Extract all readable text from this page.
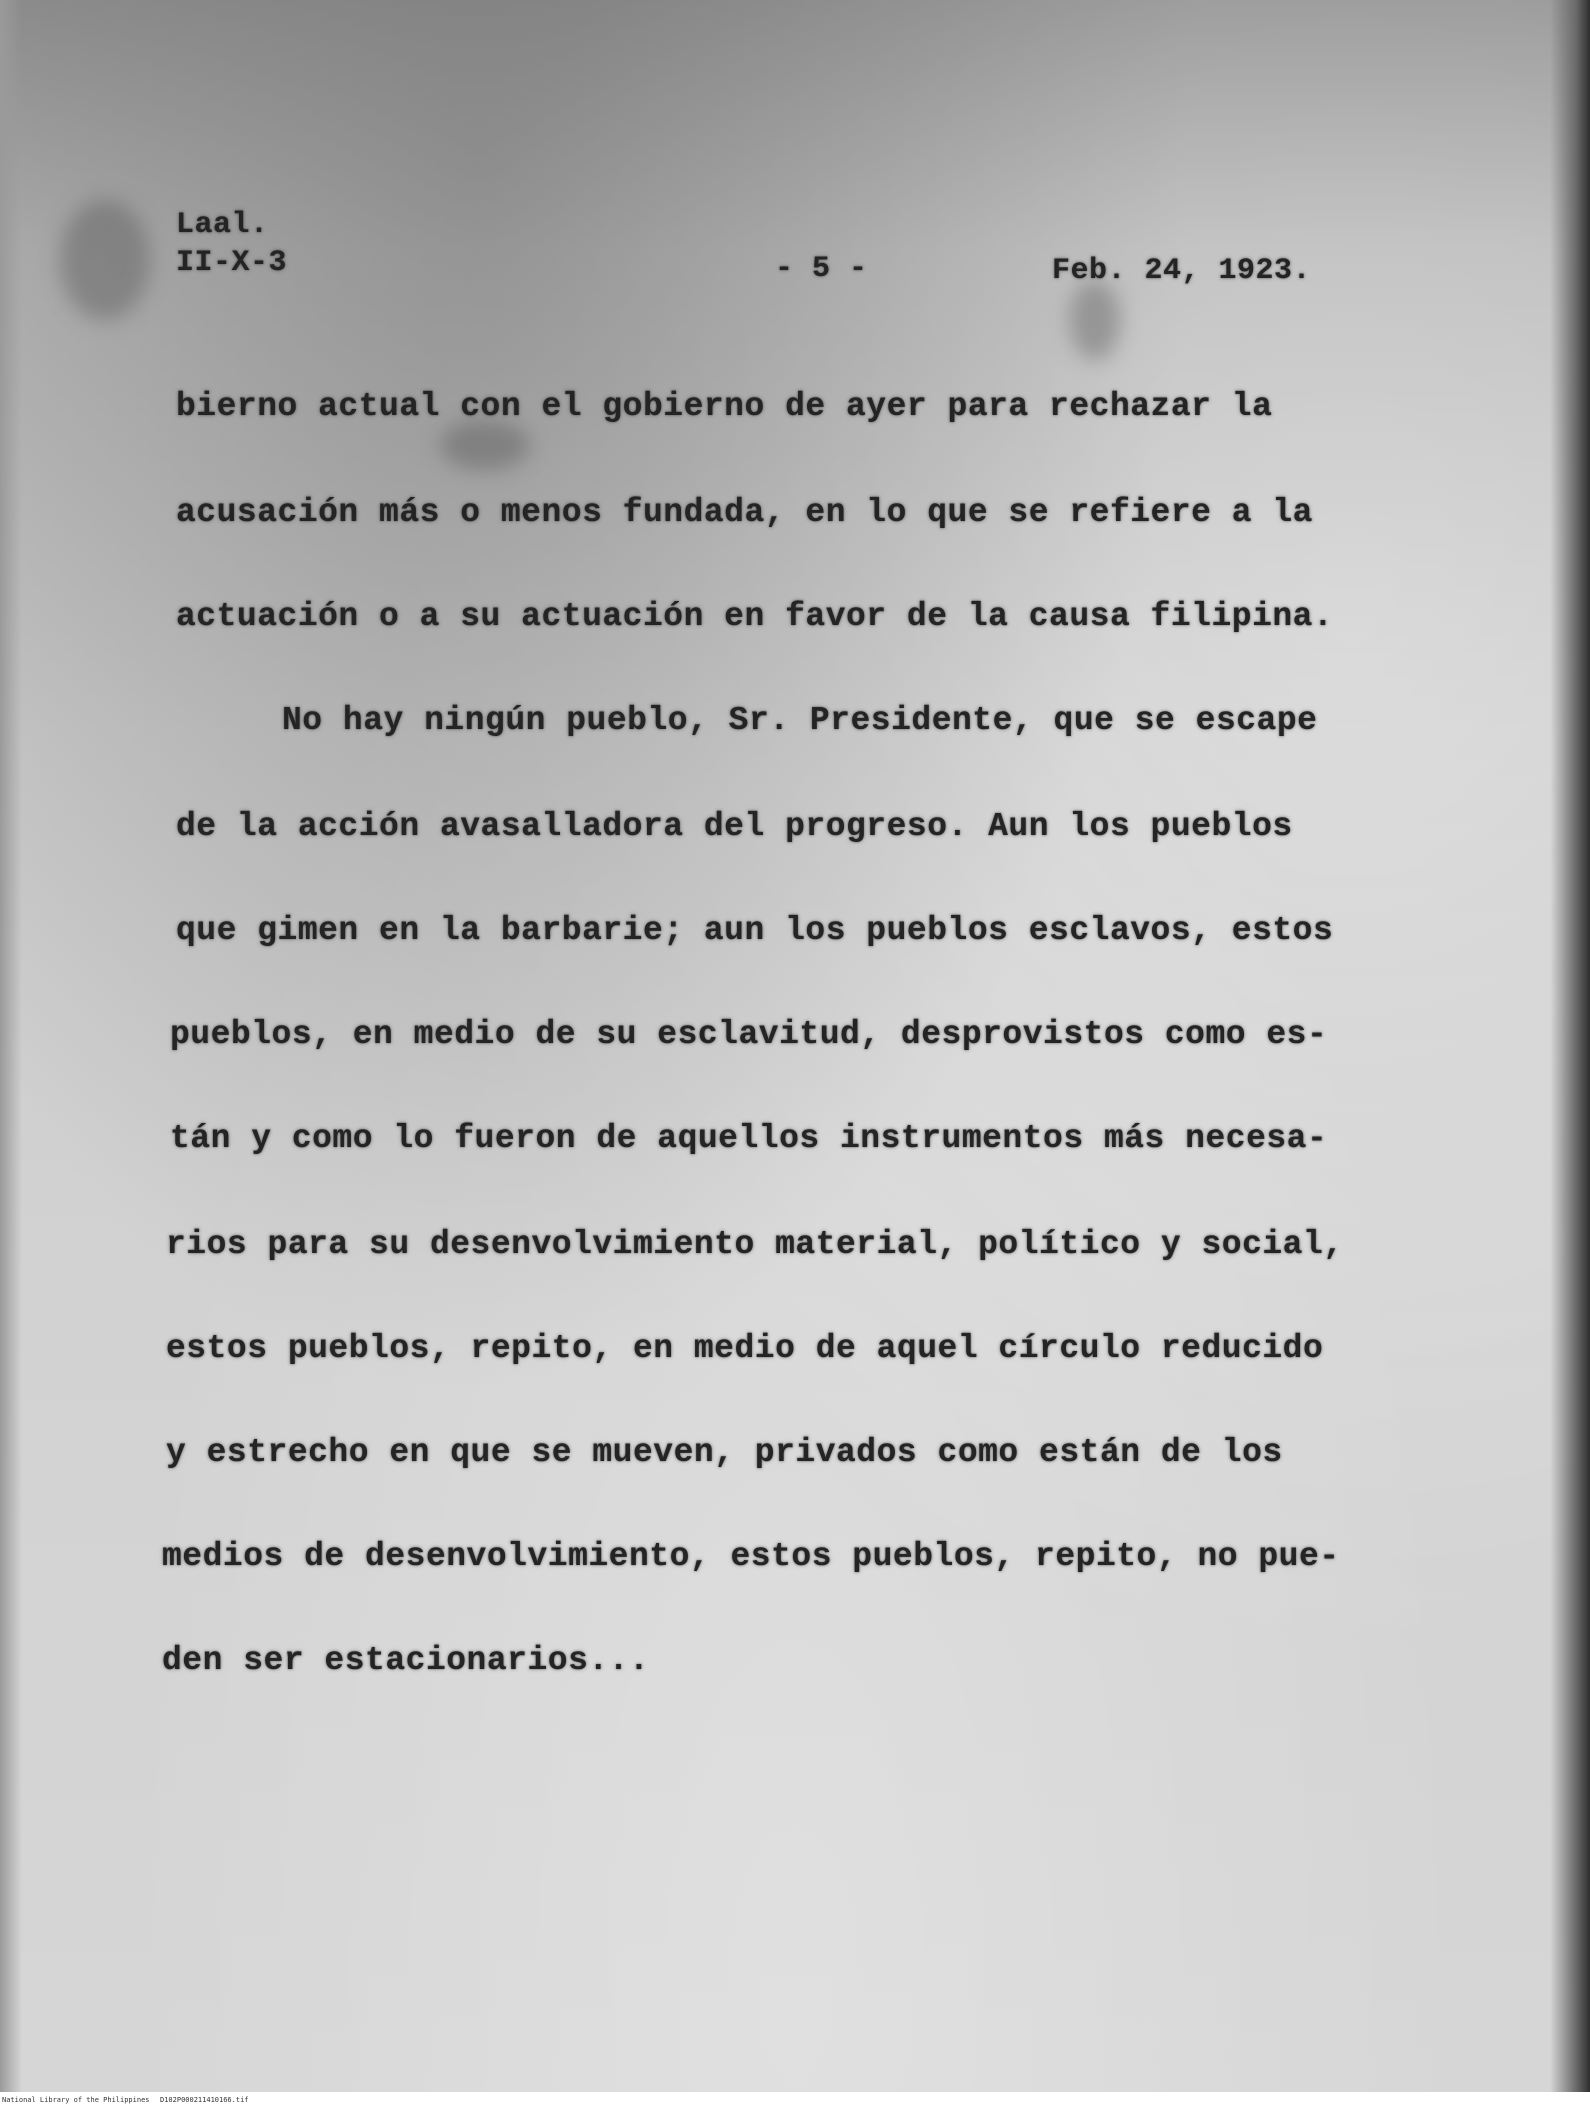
Laal.
II-X-3	- 5 -	Feb. 24, 1923.
bierno actual con el gobierno de ayer para rechazar la
acusación más o menos fundada, en lo que se refiere a la
actuación o a su actuación en favor de la causa filipina.
No hay ningún pueblo, Sr. Presidente, que se escape
de la acción avasalladora del progreso. Aun los pueblos
que gimen en la barbarie; aun los pueblos esclavos, estos
pueblos, en medio de su esclavitud, desprovistos como es-
tán y como lo fueron de aquellos instrumentos más necesa-
rios para su desenvolvimiento material, político y social,
estos pueblos, repito, en medio de aquel círculo reducido
y estrecho en que se mueven, privados como están de los
medios de desenvolvimiento, estos pueblos, repito, no pue-
den ser estacionarios...
National Library of the Philippines D102P000211410166.tif
